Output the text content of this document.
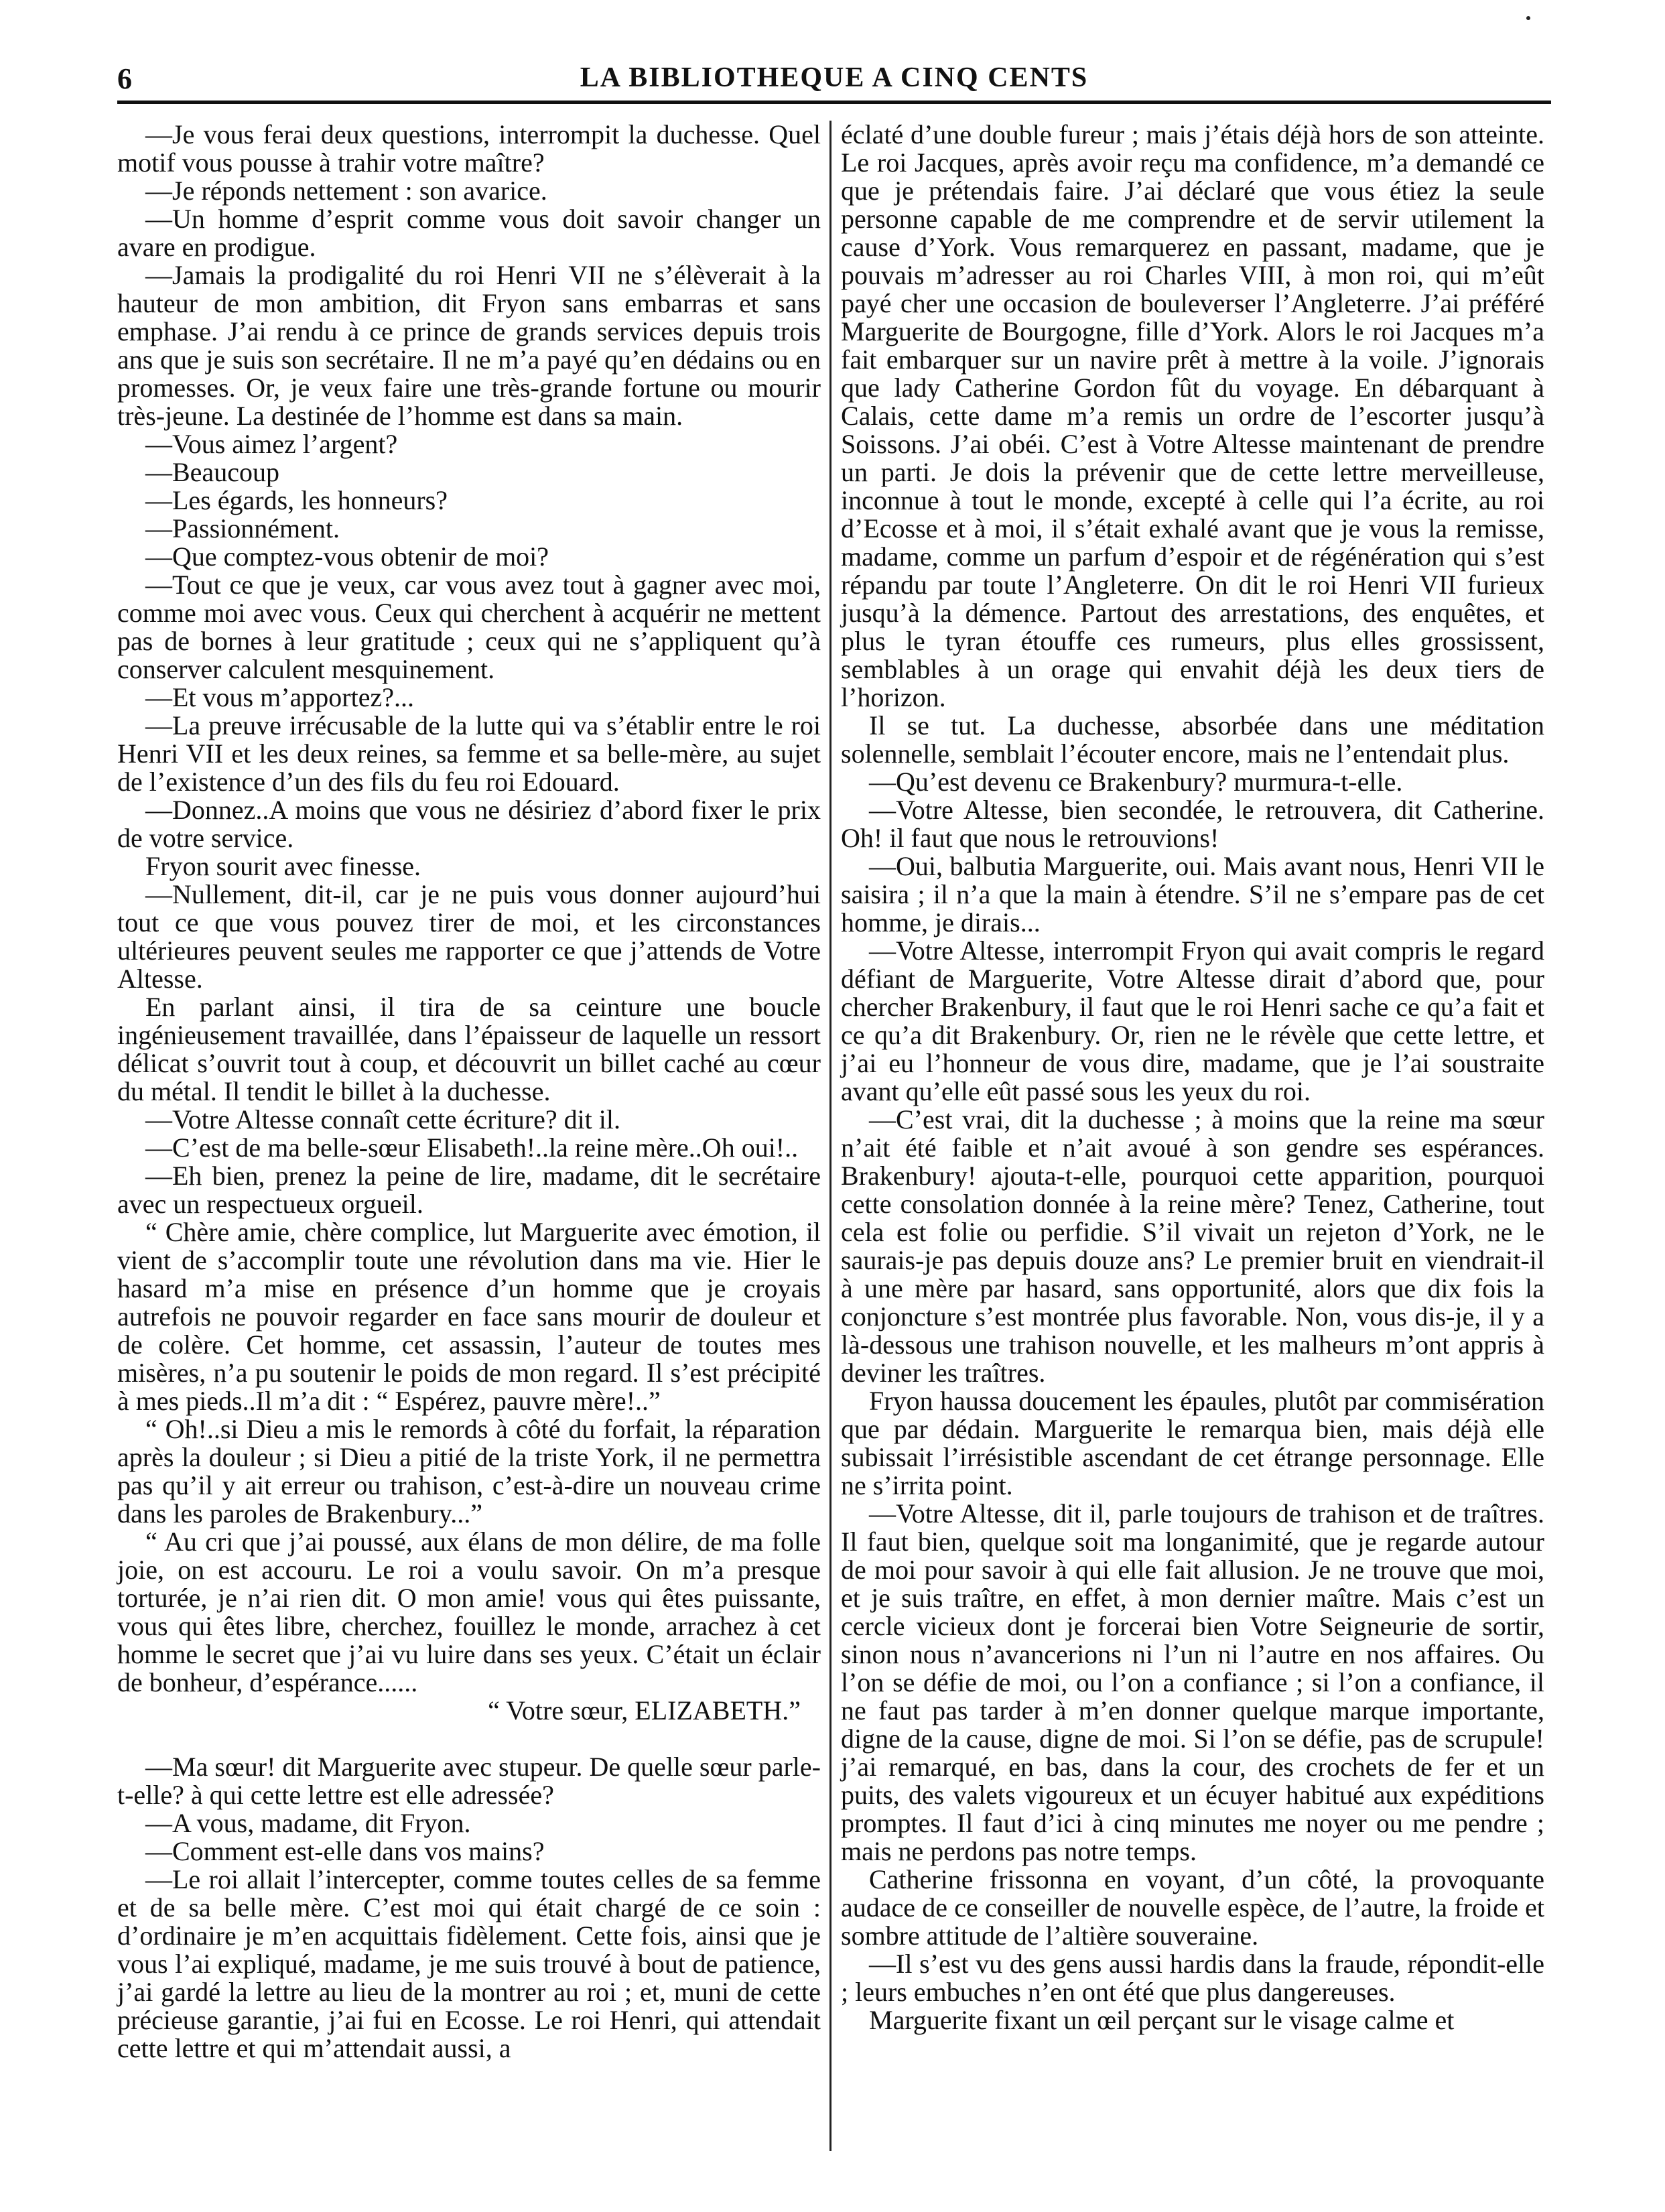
6	LA BIBLIOTHEQUE A CINQ CENTS

—Je vous ferai deux questions, interrompit la duchesse. Quel motif vous pousse à trahir votre maître?

—Je réponds nettement : son avarice.

—Un homme d’esprit comme vous doit savoir changer un avare en prodigue.

—Jamais la prodigalité du roi Henri VII ne s’élèverait à la hauteur de mon ambition, dit Fryon sans embarras et sans emphase. J’ai rendu à ce prince de grands services depuis trois ans que je suis son secrétaire. Il ne m’a payé qu’en dédains ou en promesses. Or, je veux faire une très-grande fortune ou mourir très-jeune. La destinée de l’homme est dans sa main.

—Vous aimez l’argent?

—Beaucoup

—Les égards, les honneurs?

—Passionnément.

—Que comptez-vous obtenir de moi?

—Tout ce que je veux, car vous avez tout à gagner avec moi, comme moi avec vous. Ceux qui cherchent à acquérir ne mettent pas de bornes à leur gratitude ; ceux qui ne s’appliquent qu’à conserver calculent mesquinement.

—Et vous m’apportez?...

—La preuve irrécusable de la lutte qui va s’établir entre le roi Henri VII et les deux reines, sa femme et sa belle-mère, au sujet de l’existence d’un des fils du feu roi Edouard.

—Donnez..A moins que vous ne désiriez d’abord fixer le prix de votre service.

Fryon sourit avec finesse.

—Nullement, dit-il, car je ne puis vous donner aujourd’hui tout ce que vous pouvez tirer de moi, et les circonstances ultérieures peuvent seules me rapporter ce que j’attends de Votre Altesse.

En parlant ainsi, il tira de sa ceinture une boucle ingénieusement travaillée, dans l’épaisseur de laquelle un ressort délicat s’ouvrit tout à coup, et découvrit un billet caché au cœur du métal. Il tendit le billet à la duchesse.

—Votre Altesse connaît cette écriture? dit il.

—C’est de ma belle-sœur Elisabeth!..la reine mère..Oh oui!..

—Eh bien, prenez la peine de lire, madame, dit le secrétaire avec un respectueux orgueil.

“ Chère amie, chère complice, lut Marguerite avec émotion, il vient de s’accomplir toute une révolution dans ma vie. Hier le hasard m’a mise en présence d’un homme que je croyais autrefois ne pouvoir regarder en face sans mourir de douleur et de colère. Cet homme, cet assassin, l’auteur de toutes mes misères, n’a pu soutenir le poids de mon regard. Il s’est précipité à mes pieds..Il m’a dit : “ Espérez, pauvre mère!..”

“ Oh!..si Dieu a mis le remords à côté du forfait, la réparation après la douleur ; si Dieu a pitié de la triste York, il ne permettra pas qu’il y ait erreur ou trahison, c’est-à-dire un nouveau crime dans les paroles de Brakenbury...”

“ Au cri que j’ai poussé, aux élans de mon délire, de ma folle joie, on est accouru. Le roi a voulu savoir. On m’a presque torturée, je n’ai rien dit. O mon amie! vous qui êtes puissante, vous qui êtes libre, cherchez, fouillez le monde, arrachez à cet homme le secret que j’ai vu luire dans ses yeux. C’était un éclair de bonheur, d’espérance......

“ Votre sœur, ELIZABETH.”

—Ma sœur! dit Marguerite avec stupeur. De quelle sœur parle-t-elle? à qui cette lettre est elle adressée?

—A vous, madame, dit Fryon.

—Comment est-elle dans vos mains?

—Le roi allait l’intercepter, comme toutes celles de sa femme et de sa belle mère. C’est moi qui était chargé de ce soin : d’ordinaire je m’en acquittais fidèlement. Cette fois, ainsi que je vous l’ai expliqué, madame, je me suis trouvé à bout de patience, j’ai gardé la lettre au lieu de la montrer au roi ; et, muni de cette précieuse garantie, j’ai fui en Ecosse. Le roi Henri, qui attendait cette lettre et qui m’attendait aussi, a

éclaté d’une double fureur ; mais j’étais déjà hors de son atteinte. Le roi Jacques, après avoir reçu ma confidence, m’a demandé ce que je prétendais faire. J’ai déclaré que vous étiez la seule personne capable de me comprendre et de servir utilement la cause d’York. Vous remarquerez en passant, madame, que je pouvais m’adresser au roi Charles VIII, à mon roi, qui m’eût payé cher une occasion de bouleverser l’Angleterre. J’ai préféré Marguerite de Bourgogne, fille d’York. Alors le roi Jacques m’a fait embarquer sur un navire prêt à mettre à la voile. J’ignorais que lady Catherine Gordon fût du voyage. En débarquant à Calais, cette dame m’a remis un ordre de l’escorter jusqu’à Soissons. J’ai obéi. C’est à Votre Altesse maintenant de prendre un parti. Je dois la prévenir que de cette lettre merveilleuse, inconnue à tout le monde, excepté à celle qui l’a écrite, au roi d’Ecosse et à moi, il s’était exhalé avant que je vous la remisse, madame, comme un parfum d’espoir et de régénération qui s’est répandu par toute l’Angleterre. On dit le roi Henri VII furieux jusqu’à la démence. Partout des arrestations, des enquêtes, et plus le tyran étouffe ces rumeurs, plus elles grossissent, semblables à un orage qui envahit déjà les deux tiers de l’horizon.

Il se tut. La duchesse, absorbée dans une méditation solennelle, semblait l’écouter encore, mais ne l’entendait plus.

—Qu’est devenu ce Brakenbury? murmura-t-elle.

—Votre Altesse, bien secondée, le retrouvera, dit Catherine. Oh! il faut que nous le retrouvions!

—Oui, balbutia Marguerite, oui. Mais avant nous, Henri VII le saisira ; il n’a que la main à étendre. S’il ne s’empare pas de cet homme, je dirais...

—Votre Altesse, interrompit Fryon qui avait compris le regard défiant de Marguerite, Votre Altesse dirait d’abord que, pour chercher Brakenbury, il faut que le roi Henri sache ce qu’a fait et ce qu’a dit Brakenbury. Or, rien ne le révèle que cette lettre, et j’ai eu l’honneur de vous dire, madame, que je l’ai soustraite avant qu’elle eût passé sous les yeux du roi.

—C’est vrai, dit la duchesse ; à moins que la reine ma sœur n’ait été faible et n’ait avoué à son gendre ses espérances. Brakenbury! ajouta-t-elle, pourquoi cette apparition, pourquoi cette consolation donnée à la reine mère? Tenez, Catherine, tout cela est folie ou perfidie. S’il vivait un rejeton d’York, ne le saurais-je pas depuis douze ans? Le premier bruit en viendrait-il à une mère par hasard, sans opportunité, alors que dix fois la conjoncture s’est montrée plus favorable. Non, vous dis-je, il y a là-dessous une trahison nouvelle, et les malheurs m’ont appris à deviner les traîtres.

Fryon haussa doucement les épaules, plutôt par commisération que par dédain. Marguerite le remarqua bien, mais déjà elle subissait l’irrésistible ascendant de cet étrange personnage. Elle ne s’irrita point.

—Votre Altesse, dit il, parle toujours de trahison et de traîtres. Il faut bien, quelque soit ma longanimité, que je regarde autour de moi pour savoir à qui elle fait allusion. Je ne trouve que moi, et je suis traître, en effet, à mon dernier maître. Mais c’est un cercle vicieux dont je forcerai bien Votre Seigneurie de sortir, sinon nous n’avancerions ni l’un ni l’autre en nos affaires. Ou l’on se défie de moi, ou l’on a confiance ; si l’on a confiance, il ne faut pas tarder à m’en donner quelque marque importante, digne de la cause, digne de moi. Si l’on se défie, pas de scrupule! j’ai remarqué, en bas, dans la cour, des crochets de fer et un puits, des valets vigoureux et un écuyer habitué aux expéditions promptes. Il faut d’ici à cinq minutes me noyer ou me pendre ; mais ne perdons pas notre temps.

Catherine frissonna en voyant, d’un côté, la provoquante audace de ce conseiller de nouvelle espèce, de l’autre, la froide et sombre attitude de l’altière souveraine.

—Il s’est vu des gens aussi hardis dans la fraude, répondit-elle ; leurs embuches n’en ont été que plus dangereuses.

Marguerite fixant un œil perçant sur le visage calme et
